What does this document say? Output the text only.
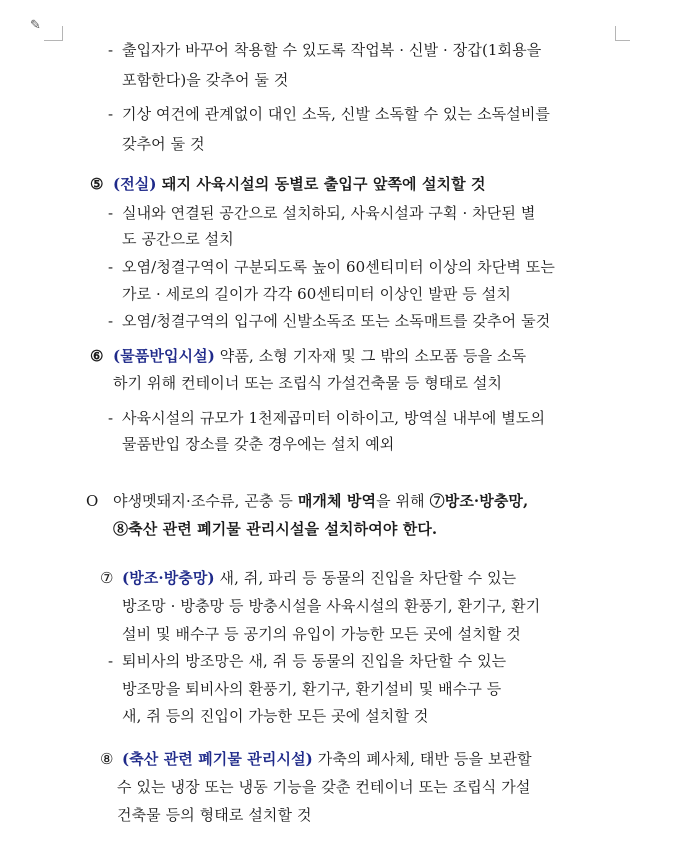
✎
- 출입자가 바꾸어 착용할 수 있도록 작업복 · 신발 · 장갑(1회용을
포함한다)을 갖추어 둘 것
- 기상 여건에 관계없이 대인 소독, 신발 소독할 수 있는 소독설비를
갖추어 둘 것
⑤ (전실) 돼지 사육시설의 동별로 출입구 앞쪽에 설치할 것
- 실내와 연결된 공간으로 설치하되, 사육시설과 구획 · 차단된 별
도 공간으로 설치
- 오염/청결구역이 구분되도록 높이 60센티미터 이상의 차단벽 또는
가로 · 세로의 길이가 각각 60센티미터 이상인 발판 등 설치
- 오염/청결구역의 입구에 신발소독조 또는 소독매트를 갖추어 둘것
⑥ (물품반입시설) 약품, 소형 기자재 및 그 밖의 소모품 등을 소독
하기 위해 컨테이너 또는 조립식 가설건축물 등 형태로 설치
- 사육시설의 규모가 1천제곱미터 이하이고, 방역실 내부에 별도의
물품반입 장소를 갖춘 경우에는 설치 예외
O 야생멧돼지·조수류, 곤충 등 매개체 방역을 위해 ⑦방조·방충망,
⑧축산 관련 폐기물 관리시설을 설치하여야 한다.
⑦ (방조·방충망) 새, 쥐, 파리 등 동물의 진입을 차단할 수 있는
방조망 · 방충망 등 방충시설을 사육시설의 환풍기, 환기구, 환기
설비 및 배수구 등 공기의 유입이 가능한 모든 곳에 설치할 것
- 퇴비사의 방조망은 새, 쥐 등 동물의 진입을 차단할 수 있는
방조망을 퇴비사의 환풍기, 환기구, 환기설비 및 배수구 등
새, 쥐 등의 진입이 가능한 모든 곳에 설치할 것
⑧ (축산 관련 폐기물 관리시설) 가축의 폐사체, 태반 등을 보관할
수 있는 냉장 또는 냉동 기능을 갖춘 컨테이너 또는 조립식 가설
건축물 등의 형태로 설치할 것
